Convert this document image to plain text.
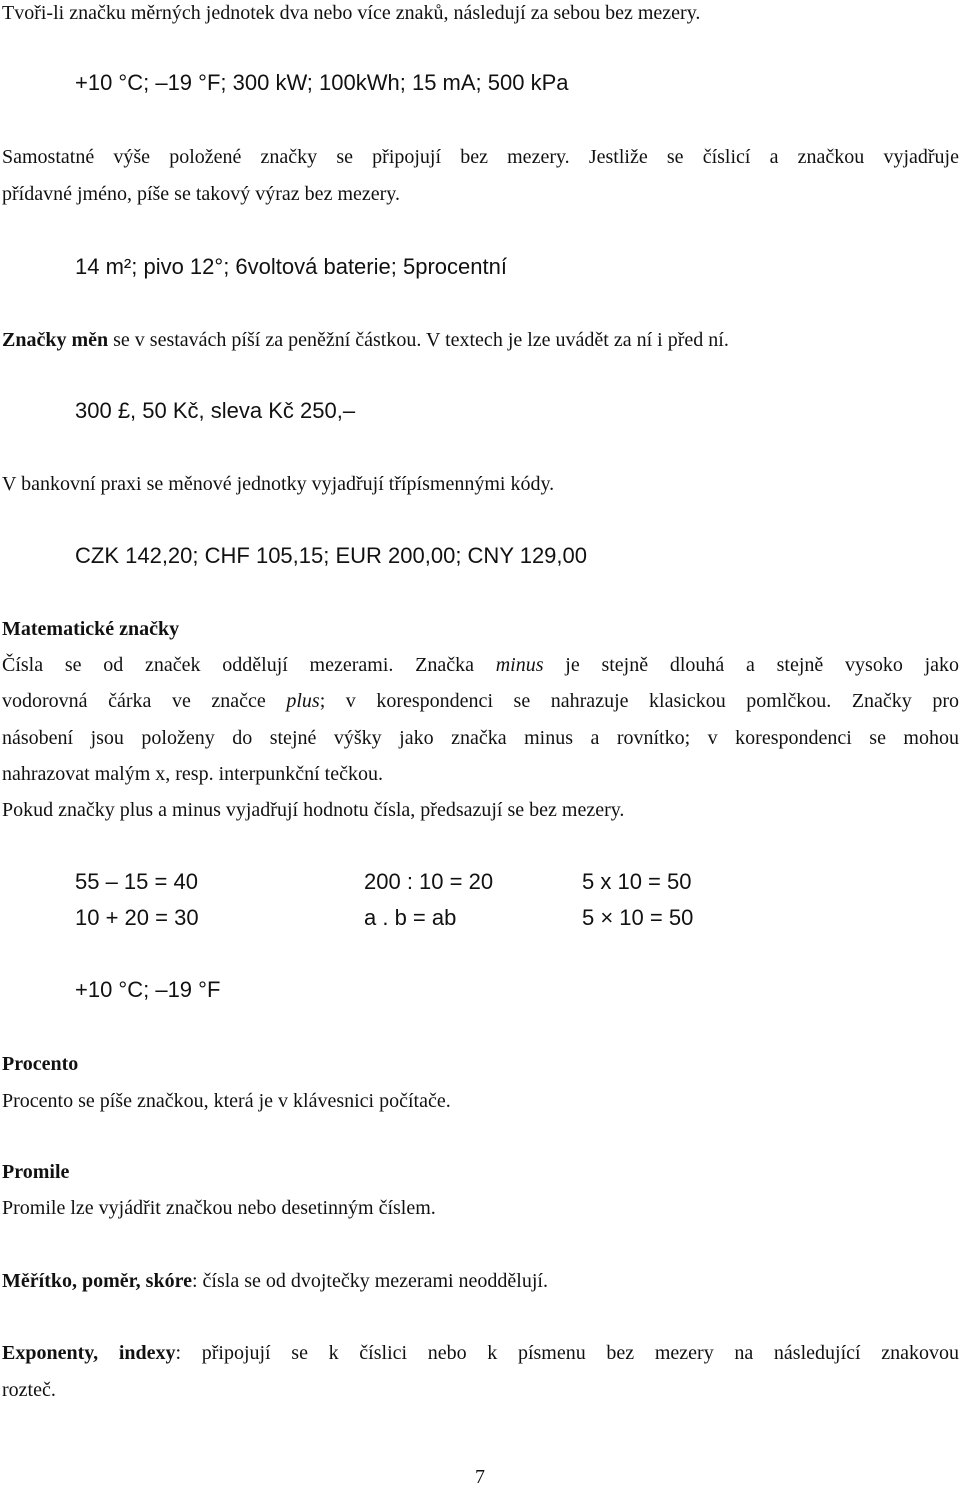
Tvoři-li značku měrných jednotek dva nebo více znaků, následují za sebou bez mezery.
+10 °C; –19 °F; 300 kW; 100kWh; 15 mA; 500 kPa
Samostatné výše položené značky se připojují bez mezery. Jestliže se číslicí a značkou vyjadřuje
přídavné jméno, píše se takový výraz bez mezery.
14 m²; pivo 12°; 6voltová baterie; 5procentní
Značky měn se v sestavách píší za peněžní částkou. V textech je lze uvádět za ní i před ní.
300 £, 50 Kč, sleva Kč 250,–
V bankovní praxi se měnové jednotky vyjadřují třípísmennými kódy.
CZK 142,20; CHF 105,15; EUR 200,00; CNY 129,00
Matematické značky
Čísla se od značek oddělují mezerami. Značka minus je stejně dlouhá a stejně vysoko jako
vodorovná čárka ve značce plus; v korespondenci se nahrazuje klasickou pomlčkou. Značky pro
násobení jsou položeny do stejné výšky jako značka minus a rovnítko; v korespondenci se mohou
nahrazovat malým x, resp. interpunkční tečkou.
Pokud značky plus a minus vyjadřují hodnotu čísla, předsazují se bez mezery.
55 – 15 = 40	200 : 10 = 20	5 x 10 = 50
10 + 20 = 30	a . b = ab	5 × 10 = 50
+10 °C; –19 °F
Procento
Procento se píše značkou, která je v klávesnici počítače.
Promile
Promile lze vyjádřit značkou nebo desetinným číslem.
Měřítko, poměr, skóre: čísla se od dvojtečky mezerami neoddělují.
Exponenty, indexy: připojují se k číslici nebo k písmenu bez mezery na následující znakovou
rozteč.
7
